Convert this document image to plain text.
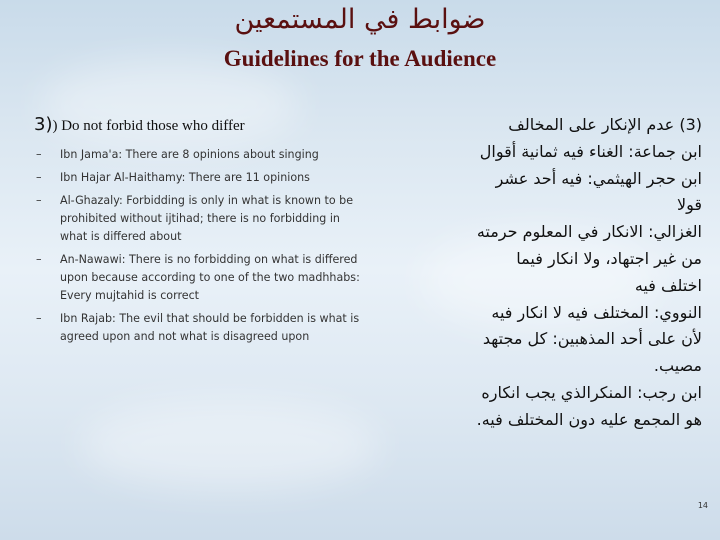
ضوابط في المستمعين
Guidelines for the Audience
3)) Do not forbid those who differ
– Ibn Jama'a: There are 8 opinions about singing
– Ibn Hajar Al-Haithamy: There are 11 opinions
– Al-Ghazaly: Forbidding is only in what is known to be prohibited without ijtihad; there is no forbidding in what is differed about
– An-Nawawi: There is no forbidding on what is differed upon because according to one of the two madhhabs: Every mujtahid is correct
– Ibn Rajab: The evil that should be forbidden is what is agreed upon and not what is disagreed upon

(3) عدم الإنكار على المخالف

ابن جماعة: الغناء فيه ثمانية أقوال

ابن حجر الهيثمي: فيه أحد عشر

قولا

الغزالي: الانكار في المعلوم حرمته

من غير اجتهاد، ولا انكار فيما

اختلف فيه

النووي: المختلف فيه لا انكار فيه

لأن على أحد المذهبين: كل مجتهد

مصيب.

ابن رجب: المنكرالذي يجب انكاره

هو المجمع عليه دون المختلف فيه.

14
